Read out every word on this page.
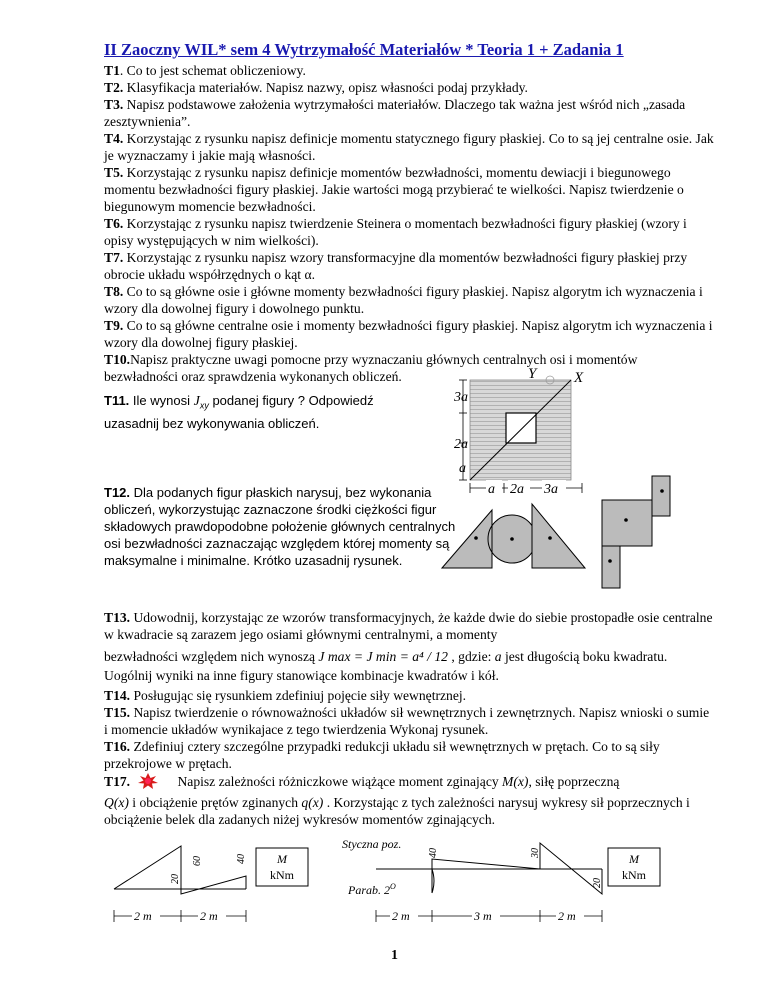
II Zaoczny WIL* sem 4 Wytrzymałość Materiałów * Teoria 1 + Zadania 1

T1. Co to jest schemat obliczeniowy.

T2. Klasyfikacja materiałów. Napisz nazwy, opisz własności podaj przykłady.

T3. Napisz podstawowe założenia wytrzymałości materiałów. Dlaczego tak ważna jest wśród nich „zasada zesztywnienia”.

T4. Korzystając z rysunku napisz definicje momentu statycznego figury płaskiej. Co to są jej centralne osie. Jak je wyznaczamy i jakie mają własności.

T5. Korzystając z rysunku napisz definicje momentów bezwładności, momentu dewiacji i biegunowego momentu bezwładności figury płaskiej. Jakie wartości mogą przybierać te wielkości. Napisz twierdzenie o biegunowym momencie bezwładności.

T6. Korzystając z rysunku napisz twierdzenie Steinera o momentach bezwładności figury płaskiej (wzory i opisy występujących w nim wielkości).

T7. Korzystając z rysunku napisz wzory transformacyjne dla momentów bezwładności figury płaskiej przy obrocie układu współrzędnych o kąt α.

T8. Co to są główne osie i główne momenty bezwładności figury płaskiej. Napisz algorytm ich wyznaczenia i wzory dla dowolnej figury i dowolnego punktu.

T9. Co to są główne centralne osie i momenty bezwładności figury płaskiej. Napisz algorytm ich wyznaczenia i wzory dla dowolnej figury płaskiej.

T10.Napisz praktyczne uwagi pomocne przy wyznaczaniu głównych centralnych osi i momentów bezwładności oraz sprawdzenia wykonanych obliczeń.

T11. Ile wynosi $J_{xy}$ podanej figury ? Odpowiedź uzasadnij bez wykonywania obliczeń.
T12. Dla podanych figur płaskich narysuj, bez wykonania obliczeń, wykorzystując zaznaczone środki ciężkości figur składowych prawdopodobne położenie głównych centralnych osi bezwładności zaznaczając względem której momenty są maksymalne i minimalne. Krótko uzasadnij rysunek.
Y	X
3a
2a
a
a 2a 3a

T13. Udowodnij, korzystając ze wzorów transformacyjnych, że każde dwie do siebie prostopadłe osie centralne w kwadracie są zarazem jego osiami głównymi centralnymi, a momenty

bezwładności względem nich wynoszą J max = J min = a⁴ / 12 , gdzie: a jest długością boku kwadratu.

Uogólnij wyniki na inne figury stanowiące kombinacje kwadratów i kół.

T14. Posługując się rysunkiem zdefiniuj pojęcie siły wewnętrznej.

T15. Napisz twierdzenie o równoważności układów sił wewnętrznych i zewnętrznych. Napisz wnioski o sumie i momencie układów wynikajace z tego twierdzenia Wykonaj rysunek.

T16. Zdefiniuj cztery szczególne przypadki redukcji układu sił wewnętrznych w prętach. Co to są siły przekrojowe w prętach.

T17.	Napisz zależności różniczkowe wiążące moment zginający M(x), siłę poprzeczną

Q(x) i obciążenie prętów zginanych q(x) . Korzystając z tych zależności narysuj wykresy sił poprzecznych i obciążenie belek dla zadanych niżej wykresów momentów zginających.

20
60	40	M
kNm
2 m	2 m
Styczna poz.
Parab. $2^O$
40	30
20
M
kNm
2 m	3 m	2 m
1
